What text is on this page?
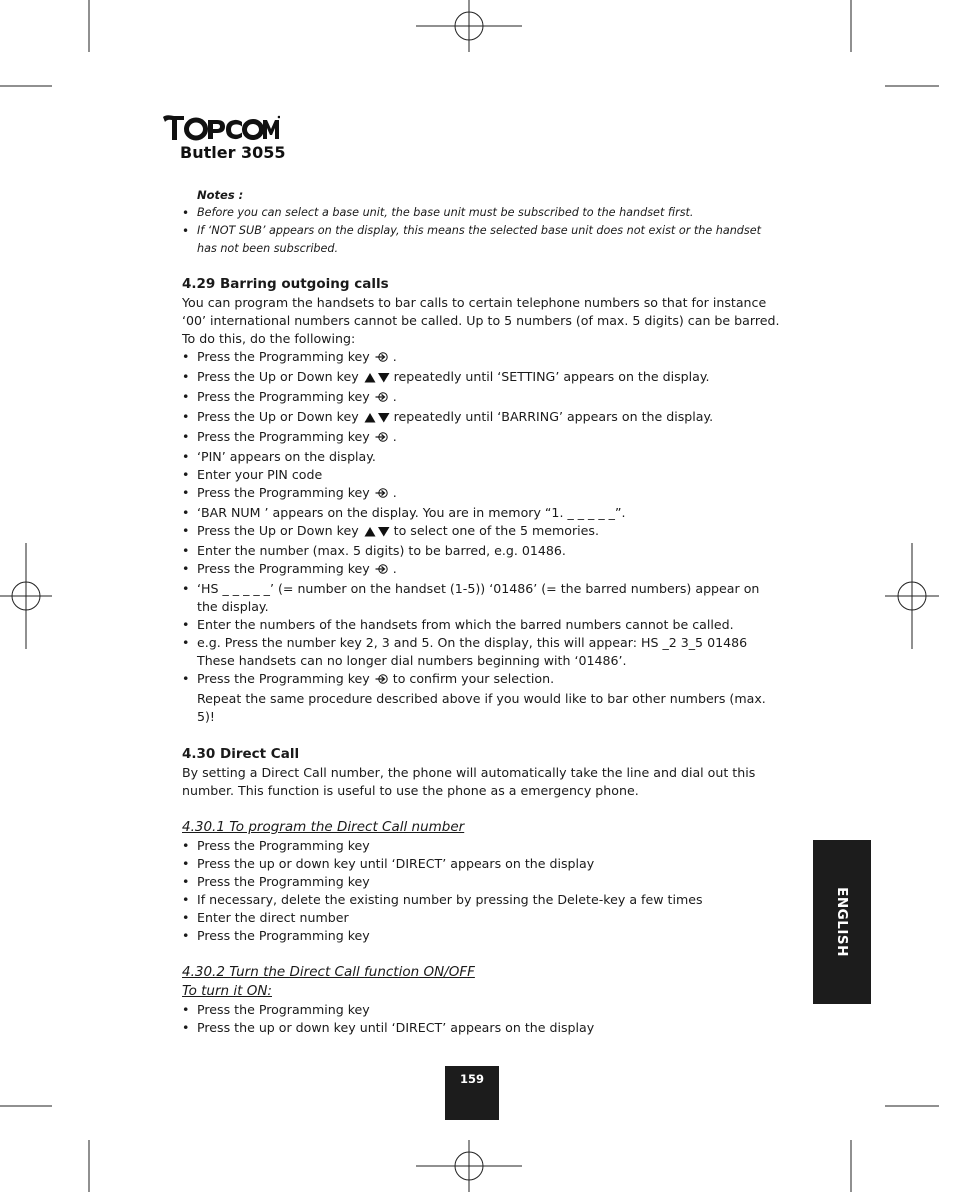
Butler 3055
Notes :
• Before you can select a base unit, the base unit must be subscribed to the handset first.
• If ‘NOT SUB’ appears on the display, this means the selected base unit does not exist or the handset has not been subscribed.
4.29 Barring outgoing calls

You can program the handsets to bar calls to certain telephone numbers so that for instance ‘00’ international numbers cannot be called. Up to 5 numbers (of max. 5 digits) can be barred.

To do this, do the following:

• Press the Programming key .
• Press the Up or Down key	repeatedly until ‘SETTING’ appears on the display.
• Press the Programming key .
• Press the Up or Down key	repeatedly until ‘BARRING’ appears on the display.
• Press the Programming key .
• ‘PIN’ appears on the display.
• Enter your PIN code
• Press the Programming key .
• ‘BAR NUM ’ appears on the display. You are in memory “1. _ _ _ _ _”.
• Press the Up or Down key	to select one of the 5 memories.
• Enter the number (max. 5 digits) to be barred, e.g. 01486.
• Press the Programming key .
• ‘HS _ _ _ _ _’ (= number on the handset (1-5)) ‘01486’ (= the barred numbers) appear on the display.
• Enter the numbers of the handsets from which the barred numbers cannot be called.
• e.g. Press the number key 2, 3 and 5. On the display, this will appear: HS _2 3_5 01486
These handsets can no longer dial numbers beginning with ‘01486’.
• Press the Programming key to confirm your selection.
Repeat the same procedure described above if you would like to bar other numbers (max. 5)!
4.30 Direct Call

By setting a Direct Call number, the phone will automatically take the line and dial out this number. This function is useful to use the phone as a emergency phone.

4.30.1 To program the Direct Call number
• Press the Programming key
• Press the up or down key until ‘DIRECT’ appears on the display
• Press the Programming key
• If necessary, delete the existing number by pressing the Delete-key a few times
• Enter the direct number
• Press the Programming key
4.30.2 Turn the Direct Call function ON/OFF
To turn it ON:
• Press the Programming key
• Press the up or down key until ‘DIRECT’ appears on the display
ENGLISH
159
